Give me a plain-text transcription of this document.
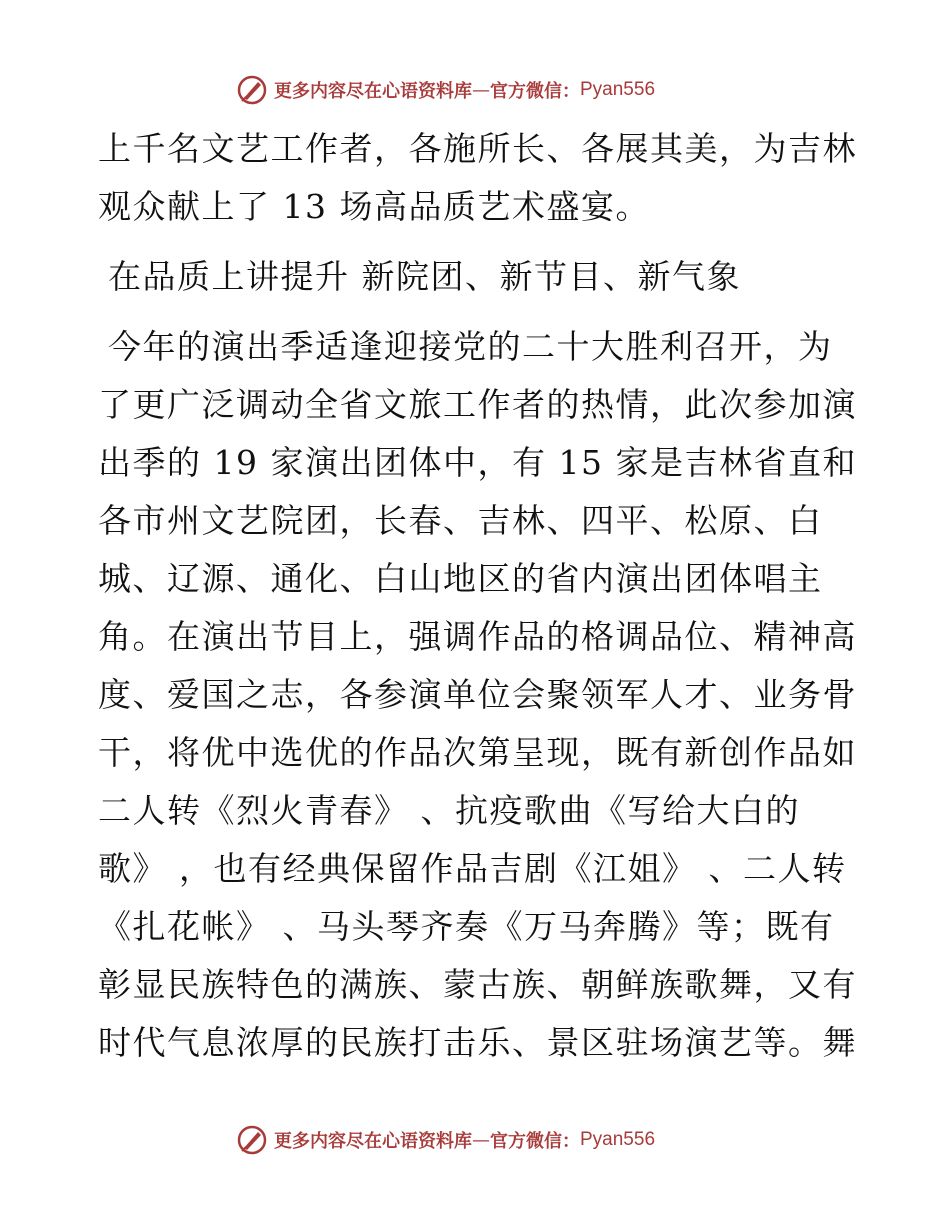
更多内容尽在心语资料库 — 官方微信： Pyan556

上千名文艺工作者，各施所长、各展其美，为吉林
观众献上了 13 场高品质艺术盛宴。

在品质上讲提升 新院团、新节目、新气象

今年的演出季适逢迎接党的二十大胜利召开，为
了更广泛调动全省文旅工作者的热情，此次参加演
出季的 19 家演出团体中，有 15 家是吉林省直和
各市州文艺院团，长春、吉林、四平、松原、白
城、辽源、通化、白山地区的省内演出团体唱主
角。在演出节目上，强调作品的格调品位、精神高
度、爱国之志，各参演单位会聚领军人才、业务骨
干，将优中选优的作品次第呈现，既有新创作品如
二人转《烈火青春》 、抗疫歌曲《写给大白的
歌》 ，也有经典保留作品吉剧《江姐》 、二人转
《扎花帐》 、马头琴齐奏《万马奔腾》等；既有
彰显民族特色的满族、蒙古族、朝鲜族歌舞，又有
时代气息浓厚的民族打击乐、景区驻场演艺等。舞

更多内容尽在心语资料库 — 官方微信： Pyan556
